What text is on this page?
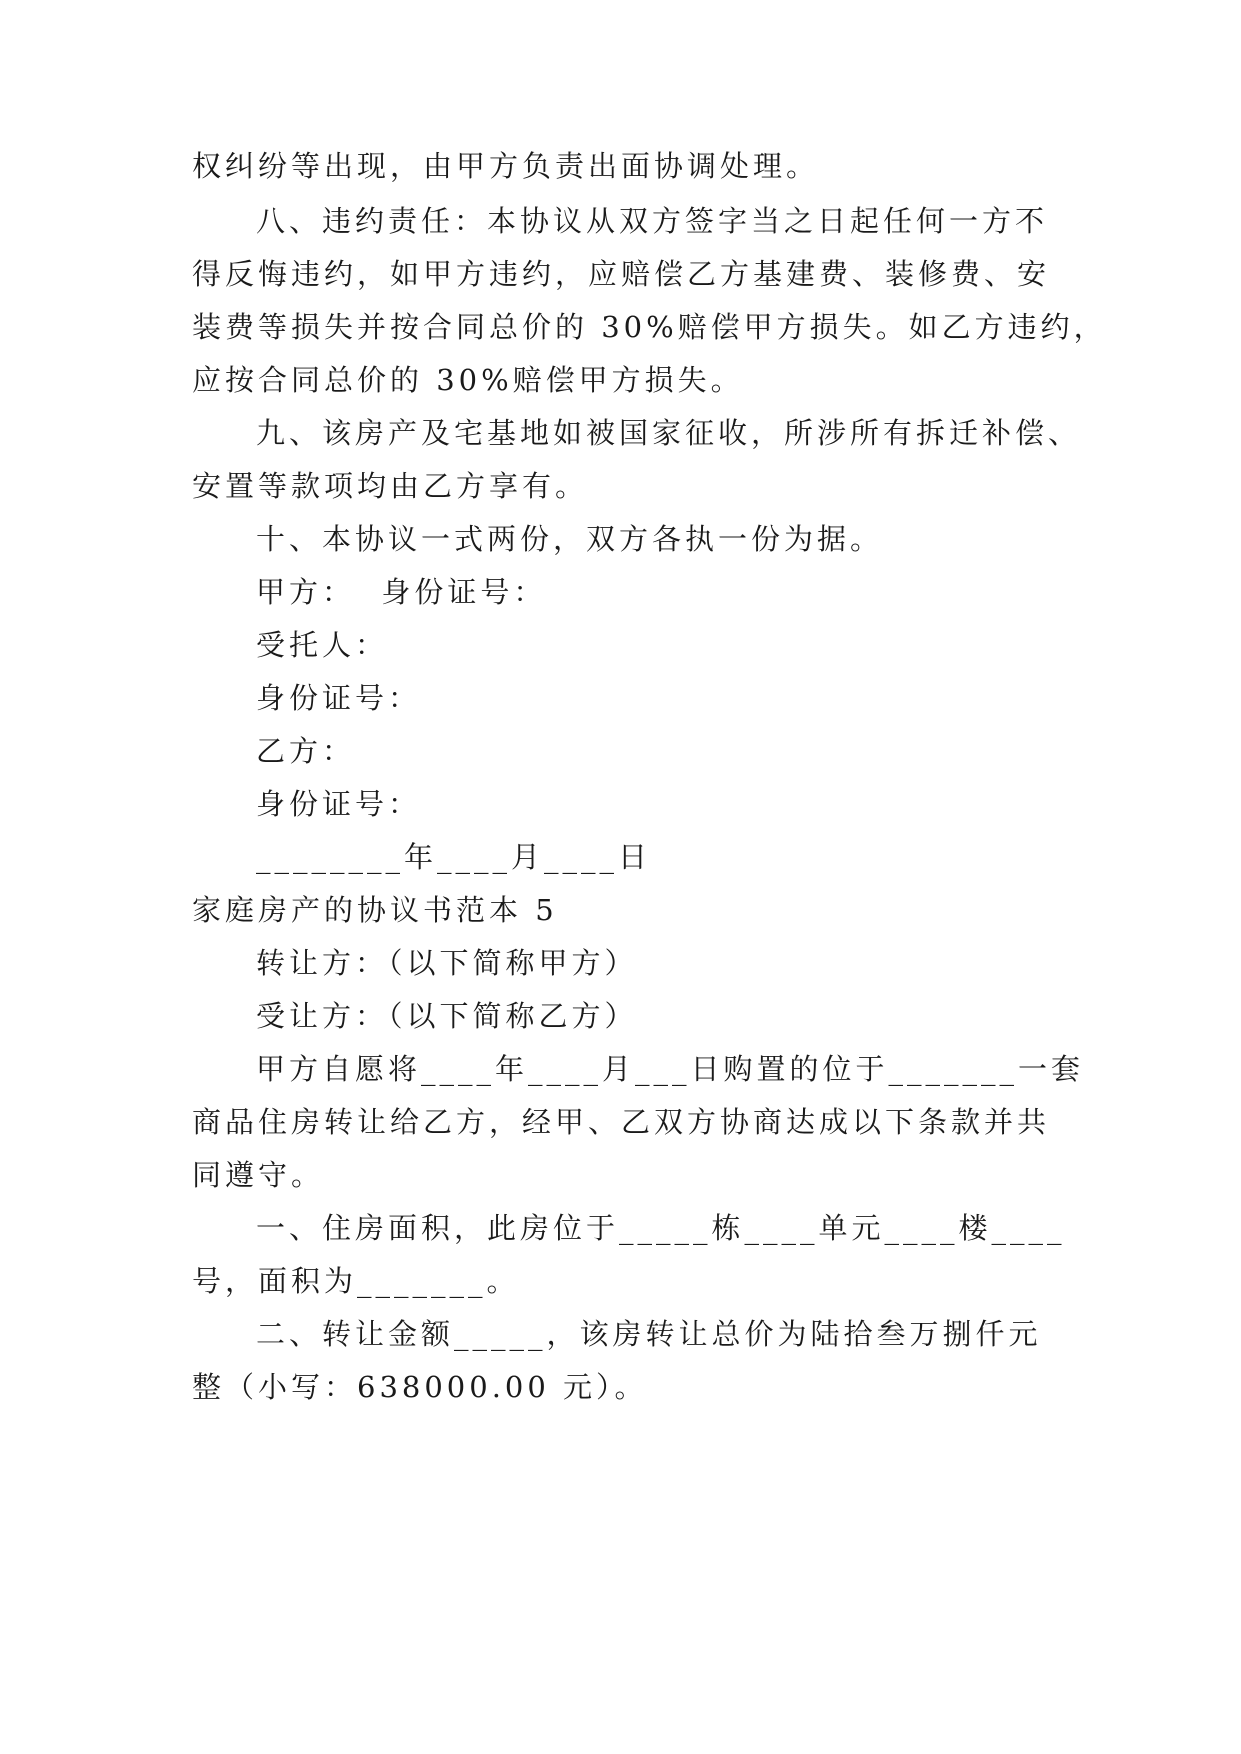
权纠纷等出现，由甲方负责出面协调处理。
八、违约责任：本协议从双方签字当之日起任何一方不
得反悔违约，如甲方违约，应赔偿乙方基建费、装修费、安
装费等损失并按合同总价的 30%赔偿甲方损失。如乙方违约，
应按合同总价的 30%赔偿甲方损失。
九、该房产及宅基地如被国家征收，所涉所有拆迁补偿、
安置等款项均由乙方享有。
十、本协议一式两份，双方各执一份为据。
甲方：  身份证号：
受托人：
身份证号：
乙方：
身份证号：
________年____月____日
家庭房产的协议书范本 5
转让方：（以下简称甲方）
受让方：（以下简称乙方）
甲方自愿将____年____月___日购置的位于_______一套
商品住房转让给乙方，经甲、乙双方协商达成以下条款并共
同遵守。
一、住房面积，此房位于_____栋____单元____楼____
号，面积为_______。
二、转让金额_____，该房转让总价为陆拾叁万捌仟元
整（小写：638000.00 元）。
